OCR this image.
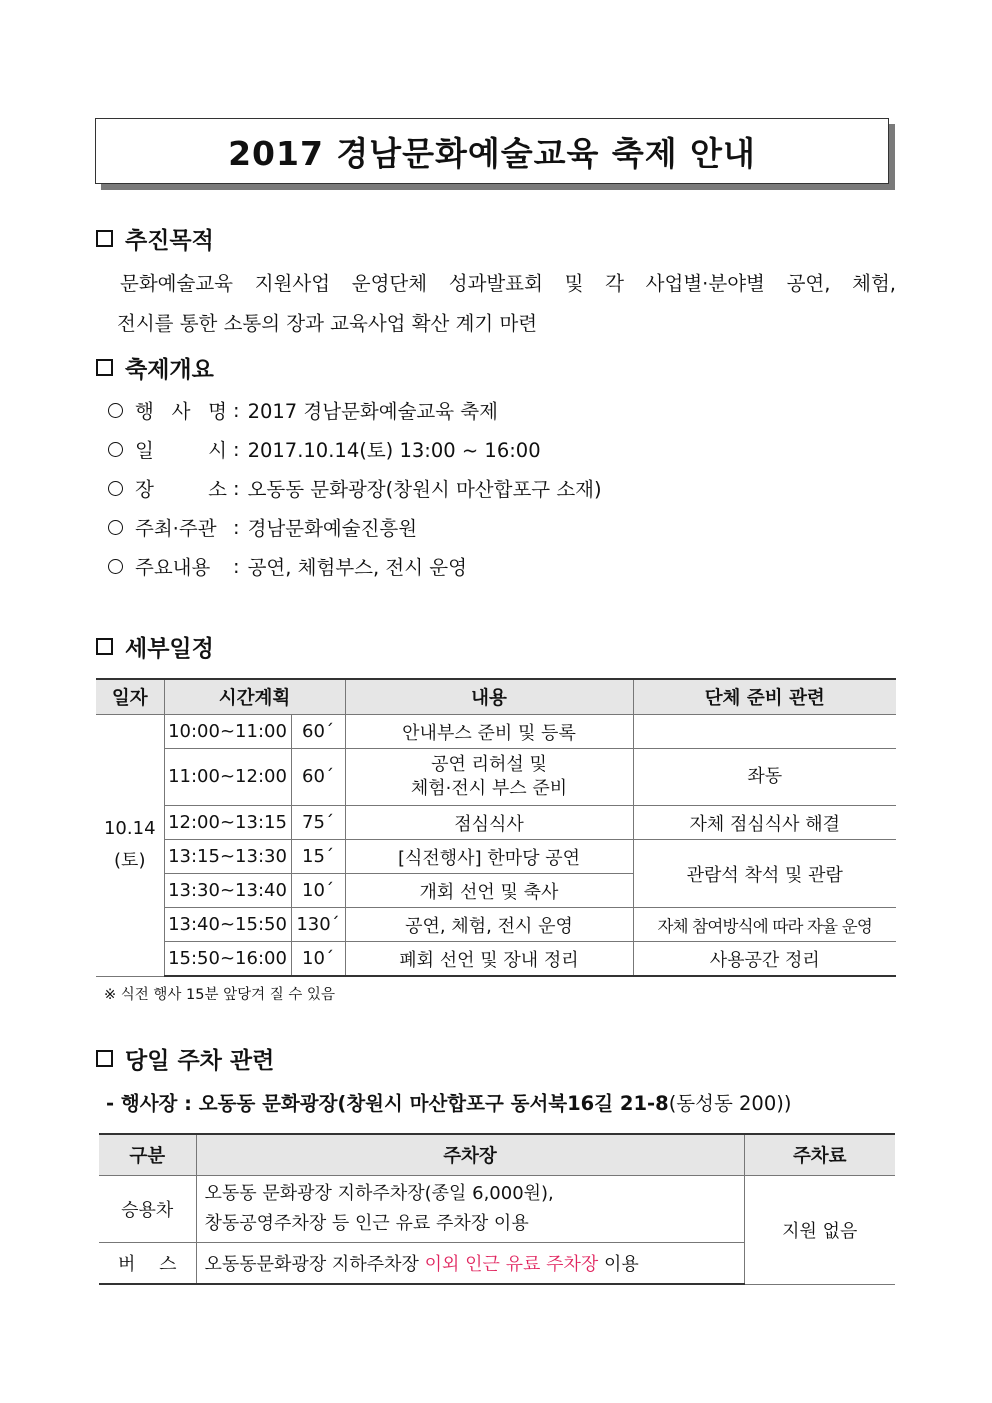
2017 경남문화예술교육 축제 안내
추진목적
문화예술교육 지원사업 운영단체 성과발표회 및 각 사업별·분야별 공연, 체험,
전시를 통한 소통의 장과 교육사업 확산 계기 마련
축제개요
행 사 명 : 2017 경남문화예술교육 축제
일	시 : 2017.10.14(토) 13:00 ~ 16:00
장	소 : 오동동 문화광장(창원시 마산합포구 소재)
주최·주관 : 경남문화예술진흥원
주요내용	: 공연, 체험부스, 전시 운영
세부일정
일자	시간계획		내용	단체 준비 관련

10.14
(토)	10:00~11:00	60´	안내부스 준비 및 등록	
	11:00~12:00	60´	공연 리허설 및
체험·전시 부스 준비	좌동
	12:00~13:15	75´	점심식사	자체 점심식사 해결
	13:15~13:30	15´	[식전행사] 한마당 공연	관람석 착석 및 관람
	13:30~13:40	10´	개회 선언 및 축사	
	13:40~15:50	130´	공연, 체험, 전시 운영	자체 참여방식에 따라 자율 운영
	15:50~16:00	10´	폐회 선언 및 장내 정리	사용공간 정리
※ 식전 행사 15분 앞당겨 질 수 있음
당일 주차 관련
- 행사장 : 오동동 문화광장(창원시 마산합포구 동서북16길 21-8(동성동 200))
구분	주차장	주차료
승용차	오동동 문화광장 지하주차장(종일 6,000원),
창동공영주차장 등 인근 유료 주차장 이용	지원 없음
버 스	오동동문화광장 지하주차장 이외 인근 유료 주차장 이용	
